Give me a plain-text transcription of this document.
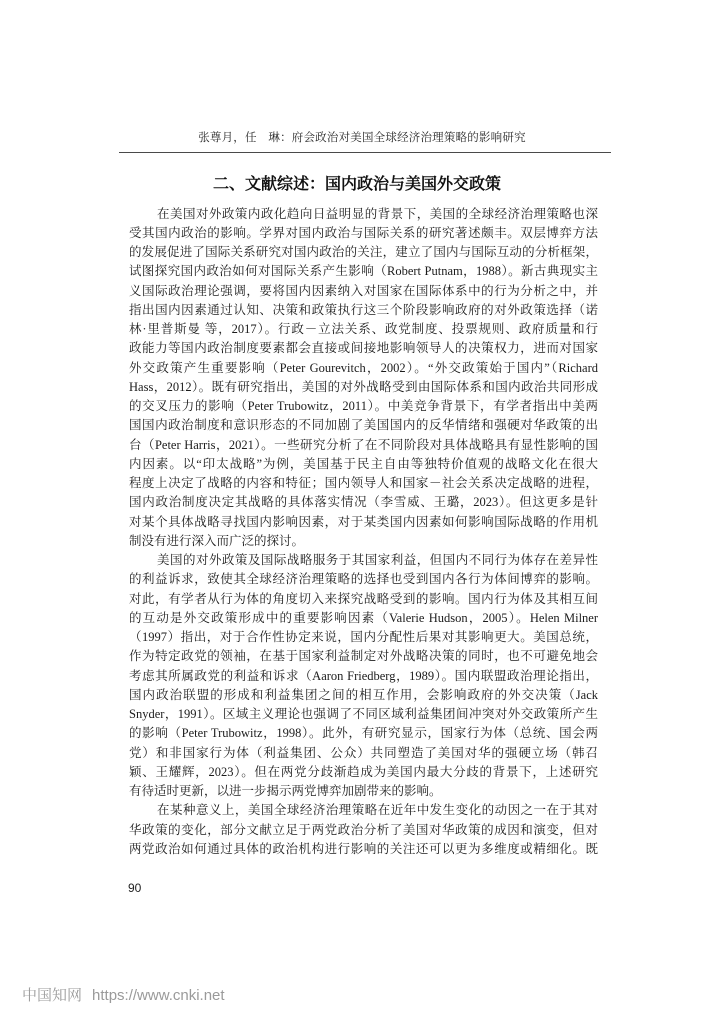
张尊月，任　琳：府会政治对美国全球经济治理策略的影响研究
二、文献综述：国内政治与美国外交政策
在美国对外政策内政化趋向日益明显的背景下，美国的全球经济治理策略也深
受其国内政治的影响。学界对国内政治与国际关系的研究著述颇丰。双层博弈方法
的发展促进了国际关系研究对国内政治的关注，建立了国内与国际互动的分析框架，
试图探究国内政治如何对国际关系产生影响（Robert Putnam，1988）。新古典现实主
义国际政治理论强调，要将国内因素纳入对国家在国际体系中的行为分析之中，并
指出国内因素通过认知、决策和政策执行这三个阶段影响政府的对外政策选择（诺
林·里普斯曼 等，2017）。行政－立法关系、政党制度、投票规则、政府质量和行
政能力等国内政治制度要素都会直接或间接地影响领导人的决策权力，进而对国家
外交政策产生重要影响（Peter Gourevitch，2002）。“外交政策始于国内”（Richard
Hass，2012）。既有研究指出，美国的对外战略受到由国际体系和国内政治共同形成
的交叉压力的影响（Peter Trubowitz，2011）。中美竞争背景下，有学者指出中美两
国国内政治制度和意识形态的不同加剧了美国国内的反华情绪和强硬对华政策的出
台（Peter Harris，2021）。一些研究分析了在不同阶段对具体战略具有显性影响的国
内因素。以“印太战略”为例，美国基于民主自由等独特价值观的战略文化在很大
程度上决定了战略的内容和特征；国内领导人和国家－社会关系决定战略的进程，
国内政治制度决定其战略的具体落实情况（李雪威、王璐，2023）。但这更多是针
对某个具体战略寻找国内影响因素，对于某类国内因素如何影响国际战略的作用机
制没有进行深入而广泛的探讨。
美国的对外政策及国际战略服务于其国家利益，但国内不同行为体存在差异性
的利益诉求，致使其全球经济治理策略的选择也受到国内各行为体间博弈的影响。
对此，有学者从行为体的角度切入来探究战略受到的影响。国内行为体及其相互间
的互动是外交政策形成中的重要影响因素（Valerie Hudson，2005）。Helen Milner
（1997）指出，对于合作性协定来说，国内分配性后果对其影响更大。美国总统，
作为特定政党的领袖，在基于国家利益制定对外战略决策的同时，也不可避免地会
考虑其所属政党的利益和诉求（Aaron Friedberg，1989）。国内联盟政治理论指出，
国内政治联盟的形成和利益集团之间的相互作用，会影响政府的外交决策（Jack
Snyder，1991）。区域主义理论也强调了不同区域利益集团间冲突对外交政策所产生
的影响（Peter Trubowitz，1998）。此外，有研究显示，国家行为体（总统、国会两
党）和非国家行为体（利益集团、公众）共同塑造了美国对华的强硬立场（韩召
颖、王耀辉，2023）。但在两党分歧渐趋成为美国内最大分歧的背景下，上述研究
有待适时更新，以进一步揭示两党博弈加剧带来的影响。
在某种意义上，美国全球经济治理策略在近年中发生变化的动因之一在于其对
华政策的变化，部分文献立足于两党政治分析了美国对华政策的成因和演变，但对
两党政治如何通过具体的政治机构进行影响的关注还可以更为多维度或精细化。既
90
中国知网 https://www.cnki.net
